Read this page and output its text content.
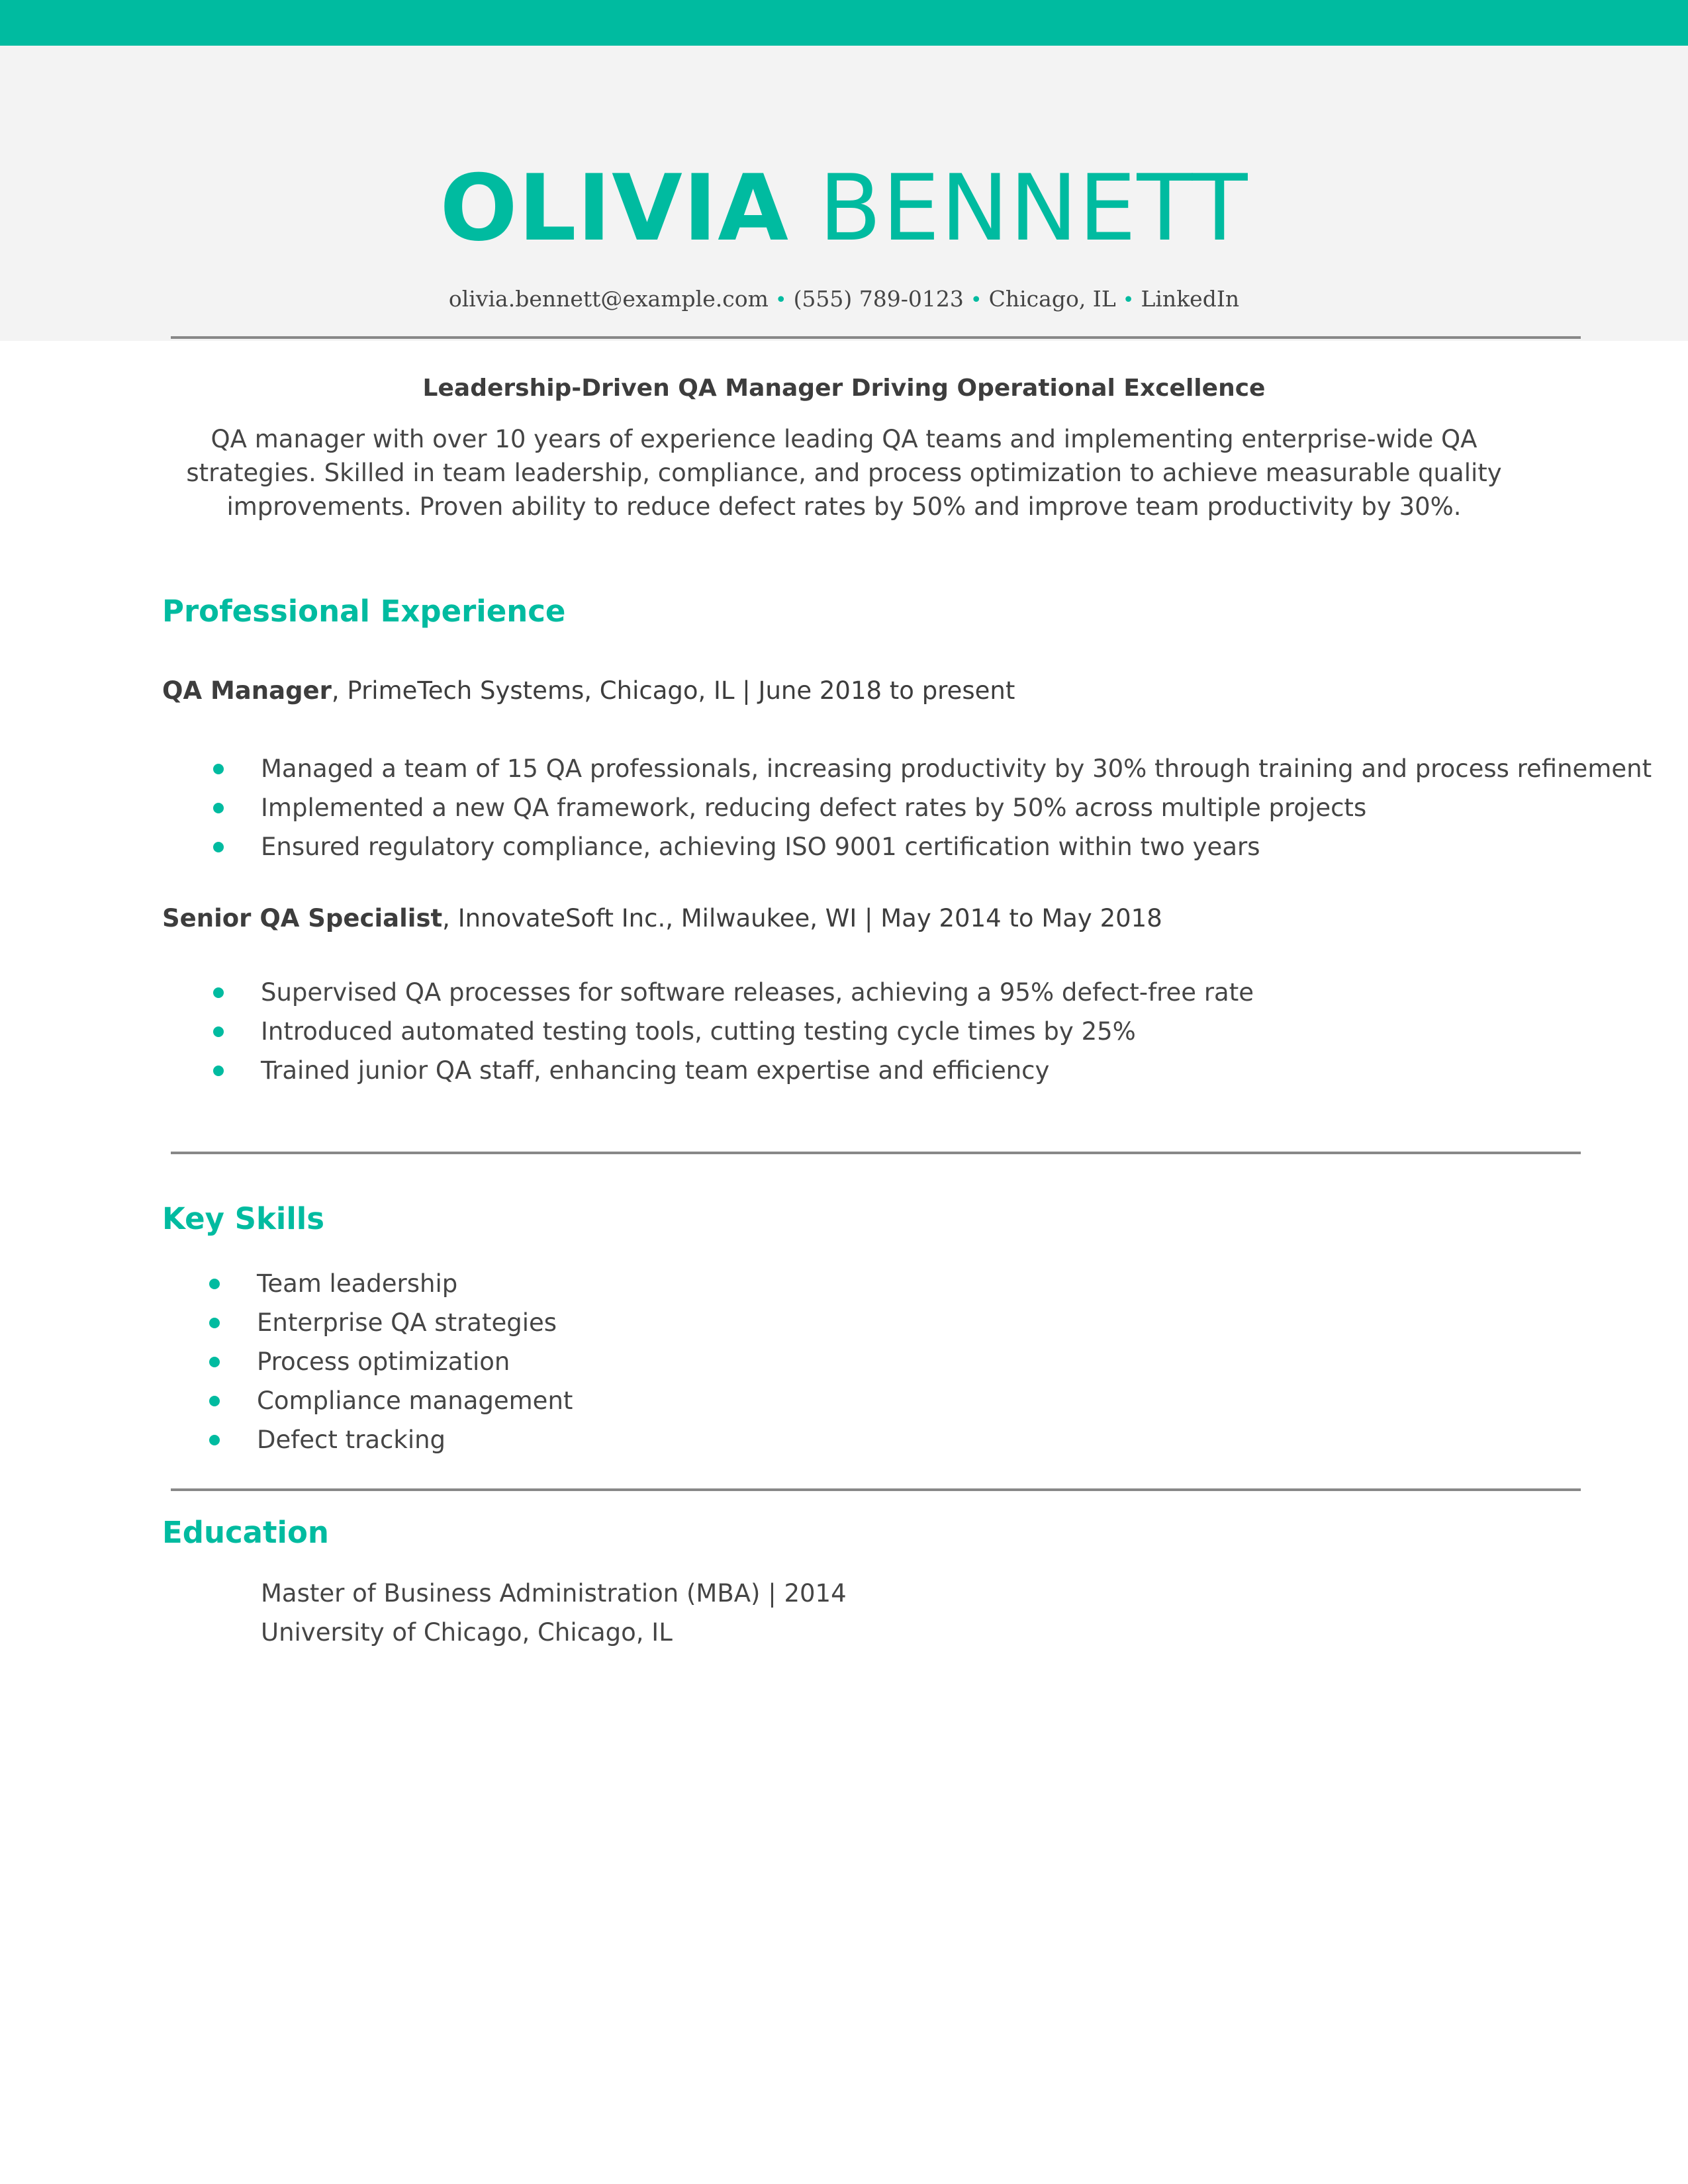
OLIVIA BENNETT
olivia.bennett@example.com • (555) 789-0123 • Chicago, IL • LinkedIn
Leadership-Driven QA Manager Driving Operational Excellence
QA manager with over 10 years of experience leading QA teams and implementing enterprise-wide QA strategies. Skilled in team leadership, compliance, and process optimization to achieve measurable quality improvements. Proven ability to reduce defect rates by 50% and improve team productivity by 30%.
Professional Experience
QA Manager, PrimeTech Systems, Chicago, IL | June 2018 to present
Managed a team of 15 QA professionals, increasing productivity by 30% through training and process refinement
Implemented a new QA framework, reducing defect rates by 50% across multiple projects
Ensured regulatory compliance, achieving ISO 9001 certification within two years
Senior QA Specialist, InnovateSoft Inc., Milwaukee, WI | May 2014 to May 2018
Supervised QA processes for software releases, achieving a 95% defect-free rate
Introduced automated testing tools, cutting testing cycle times by 25%
Trained junior QA staff, enhancing team expertise and efficiency
Key Skills
Team leadership
Enterprise QA strategies
Process optimization
Compliance management
Defect tracking
Education
Master of Business Administration (MBA) | 2014
University of Chicago, Chicago, IL
